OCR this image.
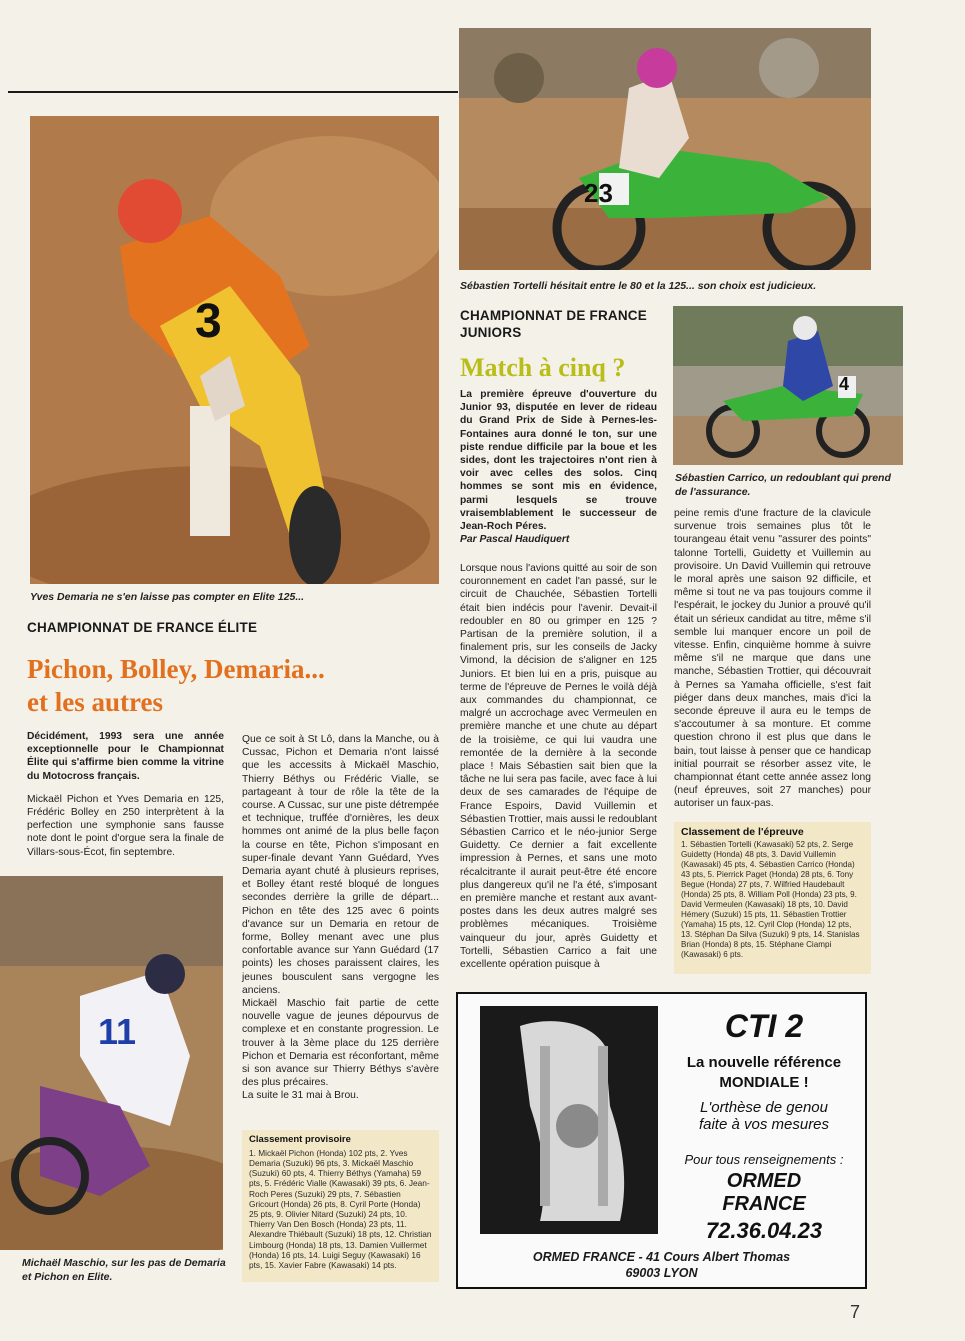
23
Sébastien Tortelli hésitait entre le 80 et la 125... son choix est judicieux.
3
Yves Demaria ne s'en laisse pas compter en Elite 125...
CHAMPIONNAT DE FRANCE ÉLITE
Pichon, Bolley, Demaria...
et les autres

Décidément, 1993 sera une année exceptionnelle pour le Championnat Élite qui s'affirme bien comme la vitrine du Motocross français.

Mickaël Pichon et Yves Demaria en 125, Frédéric Bolley en 250 interprètent à la perfection une symphonie sans fausse note dont le point d'orgue sera la finale de Villars-sous-Écot, fin septembre.

11
Michaël Maschio, sur les pas de Demaria et Pichon en Elite.

Que ce soit à St Lô, dans la Manche, ou à Cussac, Pichon et Demaria n'ont laissé que les accessits à Mickaël Maschio, Thierry Béthys ou Frédéric Vialle, se partageant à tour de rôle la tête de la course. A Cussac, sur une piste détrempée et technique, truffée d'ornières, les deux hommes ont animé de la plus belle façon la course en tête, Pichon s'imposant en super-finale devant Yann Guédard, Yves Demaria ayant chuté à plusieurs reprises, et Bolley étant resté bloqué de longues secondes derrière la grille de départ... Pichon en tête des 125 avec 6 points d'avance sur un Demaria en retour de forme, Bolley menant avec une plus confortable avance sur Yann Guédard (17 points) les choses paraissent claires, les jeunes bousculent sans vergogne les anciens.

Mickaël Maschio fait partie de cette nouvelle vague de jeunes dépourvus de complexe et en constante progression. Le trouver à la 3ème place du 125 derrière Pichon et Demaria est réconfortant, même si son avance sur Thierry Béthys s'avère des plus précaires.

La suite le 31 mai à Brou.

Classement provisoire
1. Mickaël Pichon (Honda) 102 pts, 2. Yves Demaria (Suzuki) 96 pts, 3. Mickaël Maschio (Suzuki) 60 pts, 4. Thierry Béthys (Yamaha) 59 pts, 5. Frédéric Vialle (Kawasaki) 39 pts, 6. Jean-Roch Peres (Suzuki) 29 pts, 7. Sébastien Gricourt (Honda) 26 pts, 8. Cyril Porte (Honda) 25 pts, 9. Olivier Nitard (Suzuki) 24 pts, 10. Thierry Van Den Bosch (Honda) 23 pts, 11. Alexandre Thiébault (Suzuki) 18 pts, 12. Christian Limbourg (Honda) 18 pts, 13. Damien Vuillermet (Honda) 16 pts, 14. Luigi Seguy (Kawasaki) 16 pts, 15. Xavier Fabre (Kawasaki) 14 pts.
CHAMPIONNAT DE FRANCE
JUNIORS
Match à cinq ?
4
Sébastien Carrico, un redoublant qui prend de l'assurance.

La première épreuve d'ouverture du Junior 93, disputée en lever de rideau du Grand Prix de Side à Pernes-les-Fontaines aura donné le ton, sur une piste rendue difficile par la boue et les sides, dont les trajectoires n'ont rien à voir avec celles des solos. Cinq hommes se sont mis en évidence, parmi lesquels se trouve vraisemblablement le successeur de Jean-Roch Péres.

Par Pascal Haudiquert

Lorsque nous l'avions quitté au soir de son couronnement en cadet l'an passé, sur le circuit de Chauchée, Sébastien Tortelli était bien indécis pour l'avenir. Devait-il redoubler en 80 ou grimper en 125 ? Partisan de la première solution, il a finalement pris, sur les conseils de Jacky Vimond, la décision de s'aligner en 125 Juniors. Et bien lui en a pris, puisque au terme de l'épreuve de Pernes le voilà déjà aux commandes du championnat, ce malgré un accrochage avec Vermeulen en première manche et une chute au départ de la troisième, ce qui lui vaudra une remontée de la dernière à la seconde place ! Mais Sébastien sait bien que la tâche ne lui sera pas facile, avec face à lui deux de ses camarades de l'équipe de France Espoirs, David Vuillemin et Sébastien Trottier, mais aussi le redoublant Sébastien Carrico et le néo-junior Serge Guidetty. Ce dernier a fait excellente impression à Pernes, et sans une moto récalcitrante il aurait peut-être été encore plus dangereux qu'il ne l'a été, s'imposant en première manche et restant aux avant-postes dans les deux autres malgré ses problèmes mécaniques. Troisième vainqueur du jour, après Guidetty et Tortelli, Sébastien Carrico a fait une excellente opération puisque à

peine remis d'une fracture de la clavicule survenue trois semaines plus tôt le tourangeau était venu "assurer des points" talonne Tortelli, Guidetty et Vuillemin au provisoire. Un David Vuillemin qui retrouve le moral après une saison 92 difficile, et même si tout ne va pas toujours comme il l'espérait, le jockey du Junior a prouvé qu'il était un sérieux candidat au titre, même s'il semble lui manquer encore un poil de vitesse. Enfin, cinquième homme à suivre même s'il ne marque que dans une manche, Sébastien Trottier, qui découvrait à Pernes sa Yamaha officielle, s'est fait piéger dans deux manches, mais d'ici la seconde épreuve il aura eu le temps de s'accoutumer à sa monture. Et comme question chrono il est plus que dans le bain, tout laisse à penser que ce handicap initial pourrait se résorber assez vite, le championnat étant cette année assez long (neuf épreuves, soit 27 manches) pour autoriser un faux-pas.

Classement de l'épreuve
1. Sébastien Tortelli (Kawasaki) 52 pts, 2. Serge Guidetty (Honda) 48 pts, 3. David Vuillemin (Kawasaki) 45 pts, 4. Sébastien Carrico (Honda) 43 pts, 5. Pierrick Paget (Honda) 28 pts, 6. Tony Begue (Honda) 27 pts, 7. Wilfried Haudebault (Honda) 25 pts, 8. William Poll (Honda) 23 pts, 9. David Vermeulen (Kawasaki) 18 pts, 10. David Hémery (Suzuki) 15 pts, 11. Sébastien Trottier (Yamaha) 15 pts, 12. Cyril Clop (Honda) 12 pts, 13. Stéphan Da Silva (Suzuki) 9 pts, 14. Stanislas Brian (Honda) 8 pts, 15. Stéphane Ciampi (Kawasaki) 6 pts.
CTI 2
La nouvelle référence
MONDIALE !
L'orthèse de genou
faite à vos mesures
Pour tous renseignements :
ORMED
FRANCE
72.36.04.23
ORMED FRANCE - 41 Cours Albert Thomas
69003 LYON
7
